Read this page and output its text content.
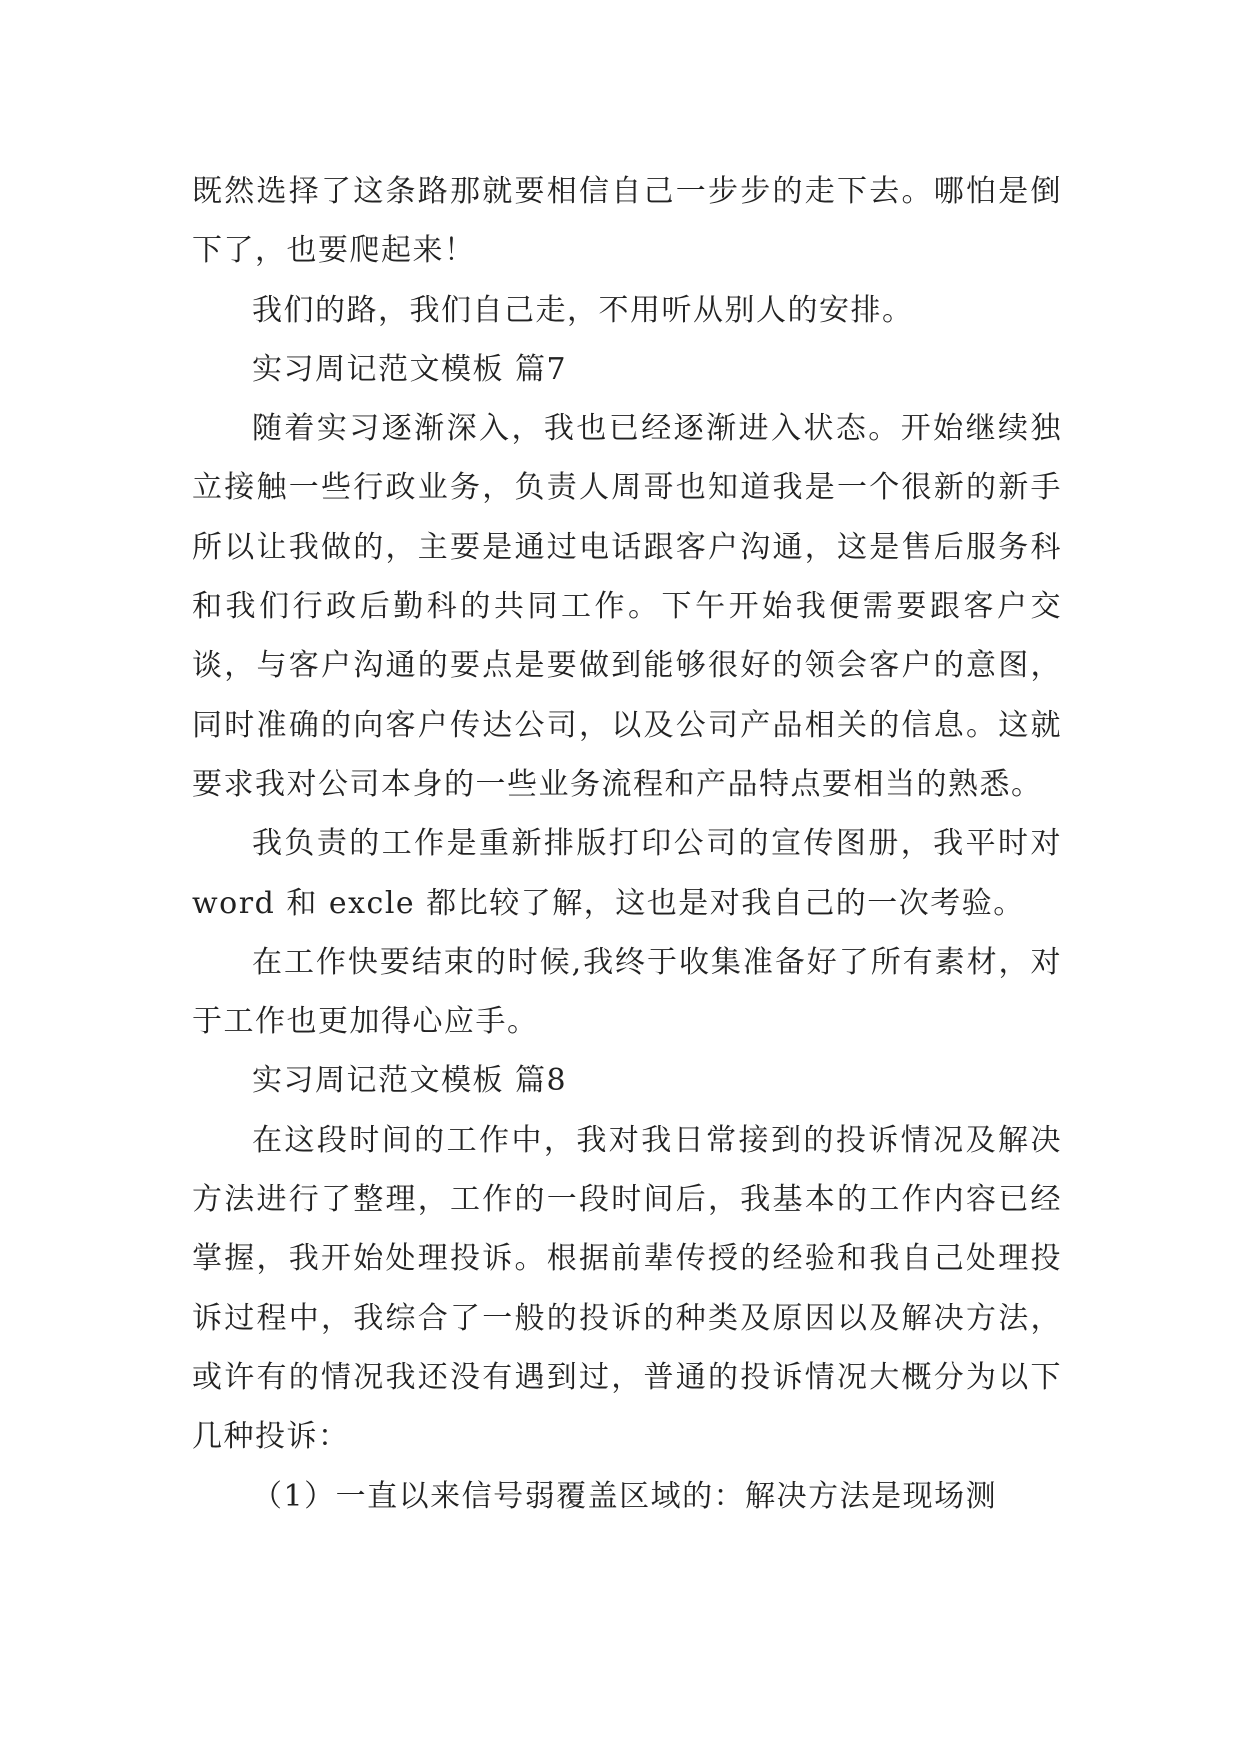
既然选择了这条路那就要相信自己一步步的走下去。哪怕是倒下了，也要爬起来！

我们的路，我们自己走，不用听从别人的安排。

实习周记范文模板 篇7

随着实习逐渐深入，我也已经逐渐进入状态。开始继续独立接触一些行政业务，负责人周哥也知道我是一个很新的新手所以让我做的，主要是通过电话跟客户沟通，这是售后服务科和我们行政后勤科的共同工作。下午开始我便需要跟客户交谈，与客户沟通的要点是要做到能够很好的领会客户的意图，同时准确的向客户传达公司，以及公司产品相关的信息。这就要求我对公司本身的一些业务流程和产品特点要相当的熟悉。

我负责的工作是重新排版打印公司的宣传图册，我平时对 word 和 excle 都比较了解，这也是对我自己的一次考验。

在工作快要结束的时候,我终于收集准备好了所有素材，对于工作也更加得心应手。

实习周记范文模板 篇8

在这段时间的工作中，我对我日常接到的投诉情况及解决方法进行了整理，工作的一段时间后，我基本的工作内容已经掌握，我开始处理投诉。根据前辈传授的经验和我自己处理投诉过程中，我综合了一般的投诉的种类及原因以及解决方法，或许有的情况我还没有遇到过，普通的投诉情况大概分为以下几种投诉：

（1）一直以来信号弱覆盖区域的：解决方法是现场测
